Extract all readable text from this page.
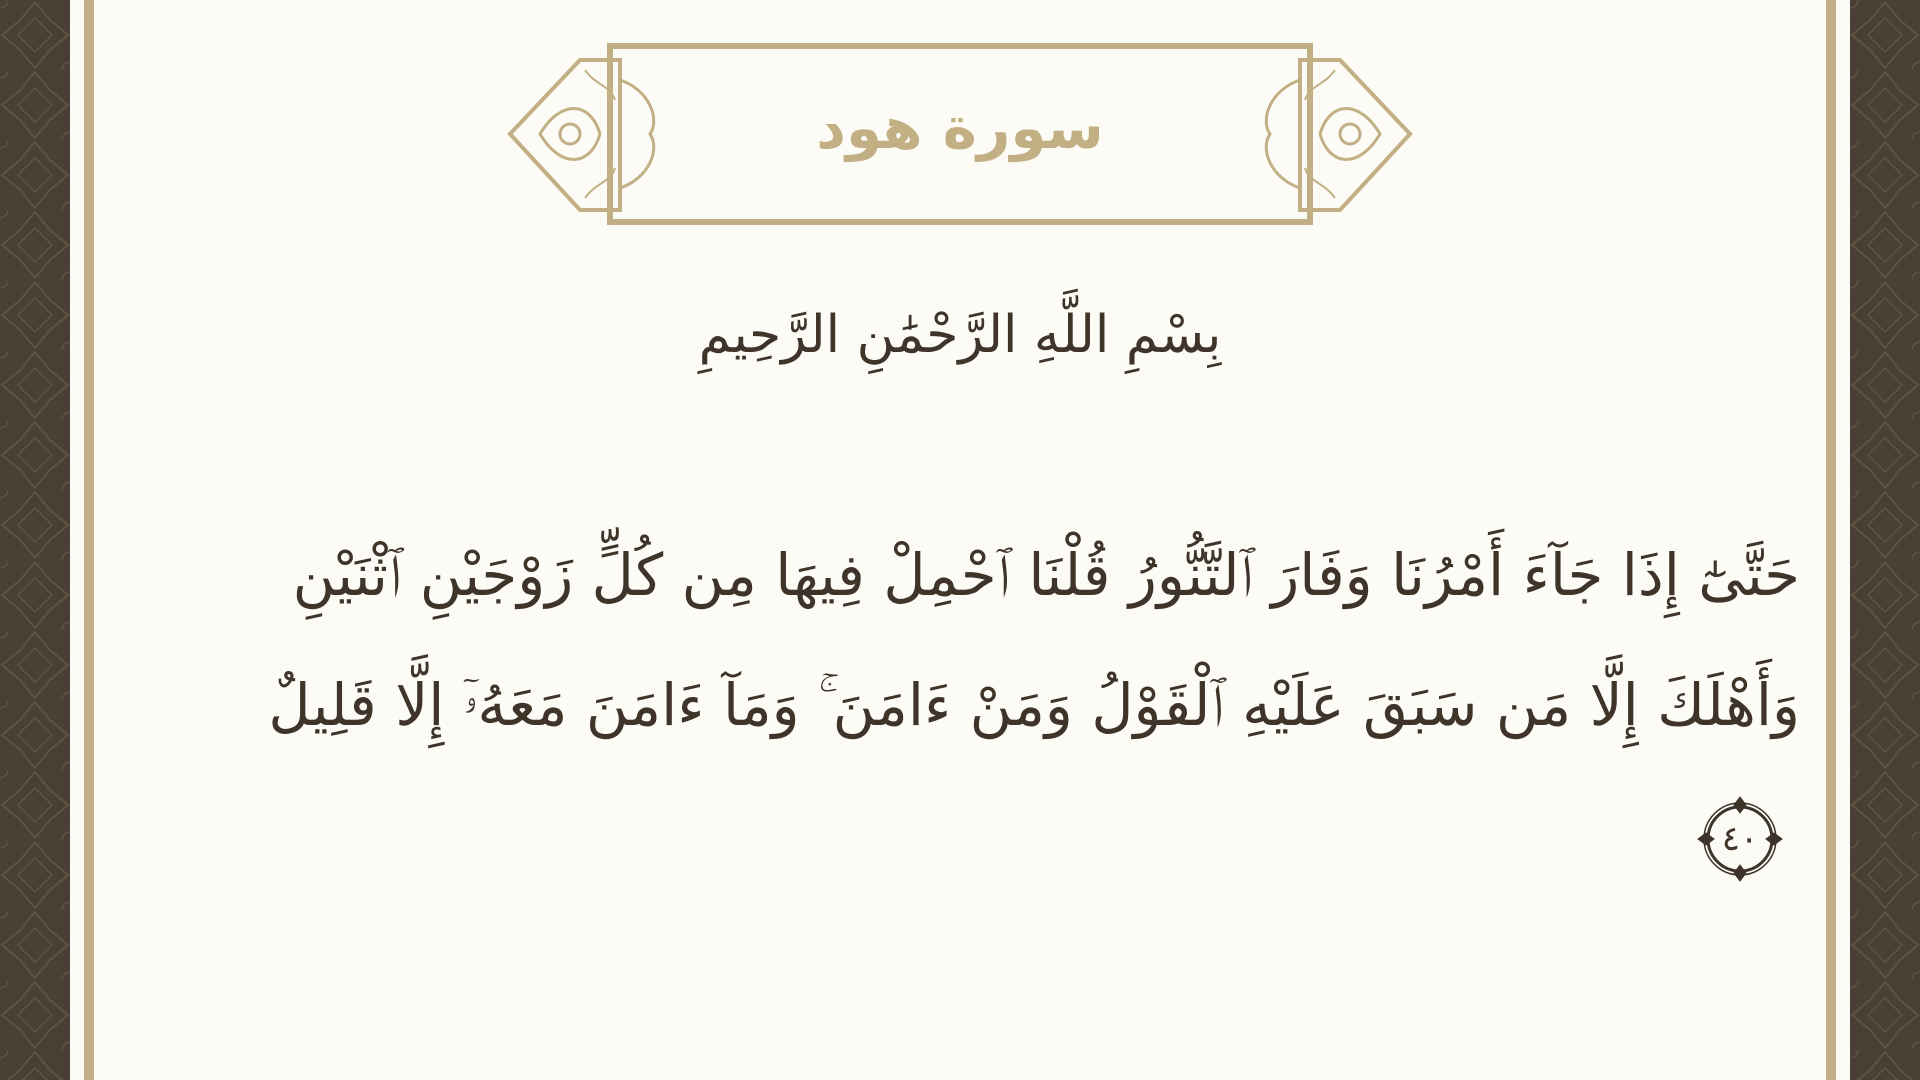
سورة هود
بِسْمِ اللَّهِ الرَّحْمَٰنِ الرَّحِيمِ
حَتَّىٰٓ إِذَا جَآءَ أَمْرُنَا وَفَارَ ٱلتَّنُّورُ قُلْنَا ٱحْمِلْ فِيهَا مِن كُلٍّ زَوْجَيْنِ ٱثْنَيْنِ وَأَهْلَكَ إِلَّا مَن سَبَقَ عَلَيْهِ ٱلْقَوْلُ وَمَنْ ءَامَنَ ۚ وَمَآ ءَامَنَ مَعَهُۥٓ إِلَّا قَلِيلٌ
٤٠
